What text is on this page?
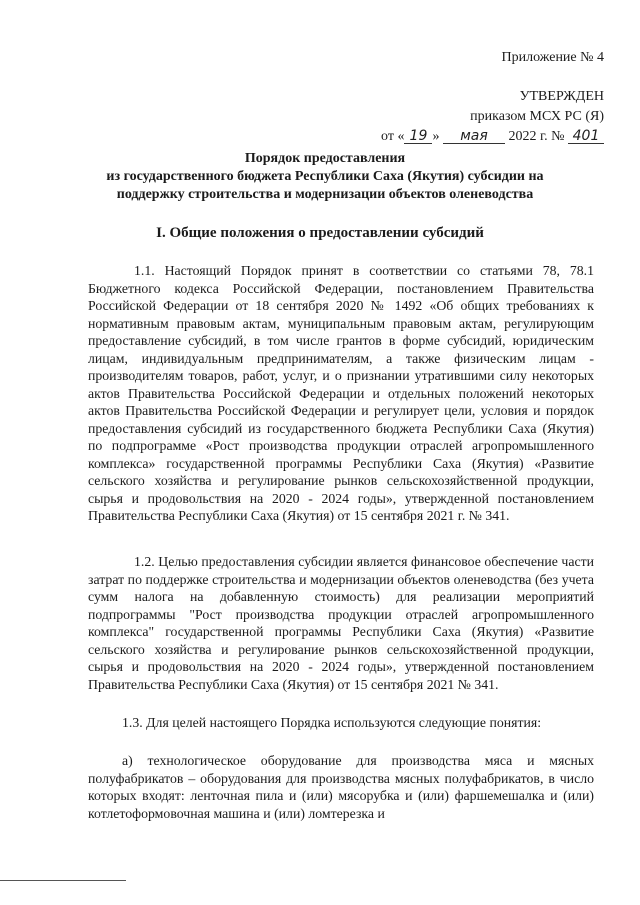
Приложение № 4
УТВЕРЖДЕН
приказом МСХ РС (Я)
от « 19 » мая 2022 г. № 401
Порядок предоставления
из государственного бюджета Республики Саха (Якутия) субсидии на
поддержку строительства и модернизации объектов оленеводства
I. Общие положения о предоставлении субсидий
1.1. Настоящий Порядок принят в соответствии со статьями 78, 78.1 Бюджетного кодекса Российской Федерации, постановлением Правительства Российской Федерации от 18 сентября 2020 № 1492 «Об общих требованиях к нормативным правовым актам, муниципальным правовым актам, регулирующим предоставление субсидий, в том числе грантов в форме субсидий, юридическим лицам, индивидуальным предпринимателям, а также физическим лицам - производителям товаров, работ, услуг, и о признании утратившими силу некоторых актов Правительства Российской Федерации и отдельных положений некоторых актов Правительства Российской Федерации и регулирует цели, условия и порядок предоставления субсидий из государственного бюджета Республики Саха (Якутия) по подпрограмме «Рост производства продукции отраслей агропромышленного комплекса» государственной программы Республики Саха (Якутия) «Развитие сельского хозяйства и регулирование рынков сельскохозяйственной продукции, сырья и продовольствия на 2020 - 2024 годы», утвержденной постановлением Правительства Республики Саха (Якутия) от 15 сентября 2021 г. № 341.
1.2. Целью предоставления субсидии является финансовое обеспечение части затрат по поддержке строительства и модернизации объектов оленеводства (без учета сумм налога на добавленную стоимость) для реализации мероприятий подпрограммы "Рост производства продукции отраслей агропромышленного комплекса" государственной программы Республики Саха (Якутия) «Развитие сельского хозяйства и регулирование рынков сельскохозяйственной продукции, сырья и продовольствия на 2020 - 2024 годы», утвержденной постановлением Правительства Республики Саха (Якутия) от 15 сентября 2021 № 341.
1.3. Для целей настоящего Порядка используются следующие понятия:
а) технологическое оборудование для производства мяса и мясных полуфабрикатов – оборудования для производства мясных полуфабрикатов, в число которых входят: ленточная пила и (или) мясорубка и (или) фаршемешалка и (или) котлетоформовочная машина и (или) ломтерезка и
